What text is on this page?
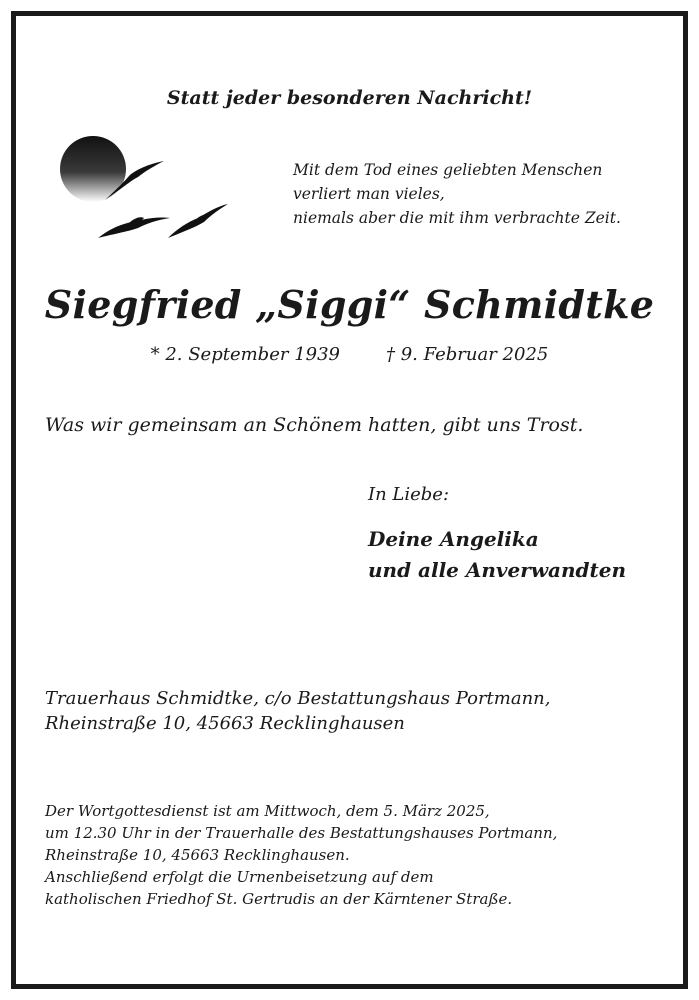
Statt jeder besonderen Nachricht!
Mit dem Tod eines geliebten Menschen
verliert man vieles,
niemals aber die mit ihm verbrachte Zeit.
Siegfried „Siggi“ Schmidtke
* 2. September 1939	† 9. Februar 2025
Was wir gemeinsam an Schönem hatten, gibt uns Trost.
In Liebe:
Deine Angelika
und alle Anverwandten
Trauerhaus Schmidtke, c/o Bestattungshaus Portmann,
Rheinstraße 10, 45663 Recklinghausen
Der Wortgottesdienst ist am Mittwoch, dem 5. März 2025,
um 12.30 Uhr in der Trauerhalle des Bestattungshauses Portmann,
Rheinstraße 10, 45663 Recklinghausen.
Anschließend erfolgt die Urnenbeisetzung auf dem
katholischen Friedhof St. Gertrudis an der Kärntener Straße.
